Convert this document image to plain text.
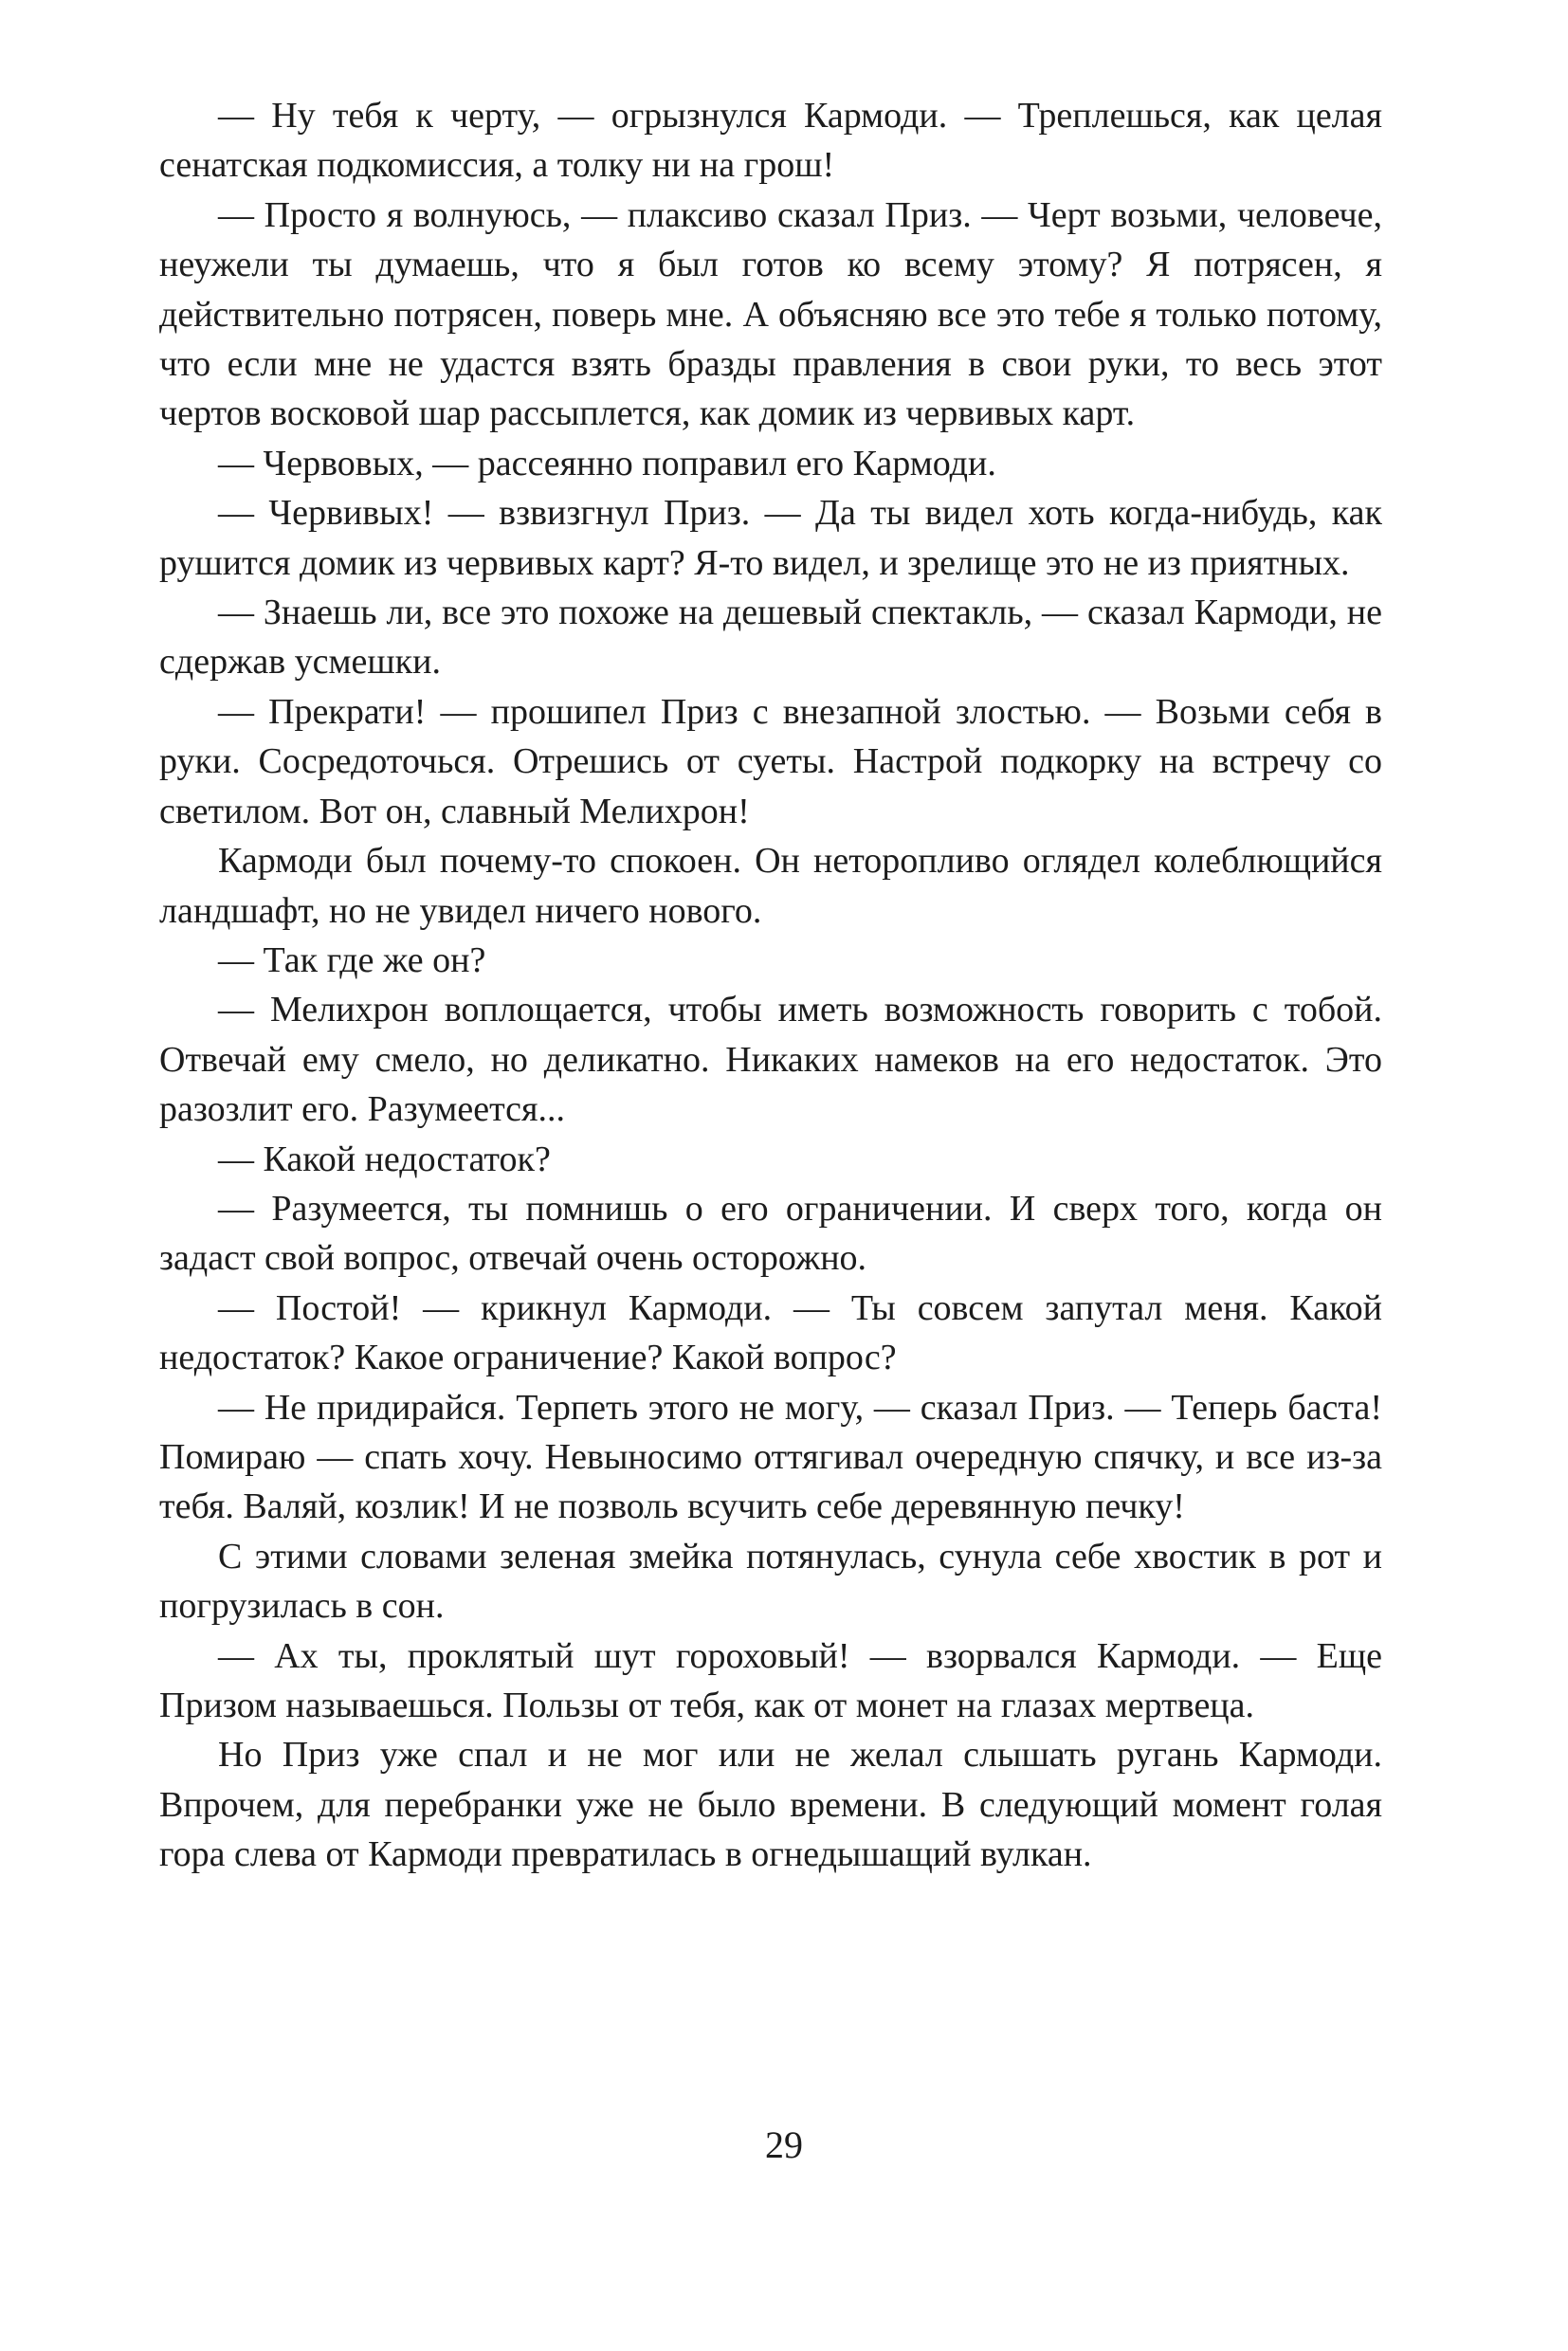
— Ну тебя к черту, — огрызнулся Кармоди. — Треплешься, как целая сенатская подкомиссия, а толку ни на грош!

— Просто я волнуюсь, — плаксиво сказал Приз. — Черт возьми, человече, неужели ты думаешь, что я был готов ко всему этому? Я потрясен, я действительно потрясен, поверь мне. А объясняю все это тебе я только потому, что если мне не удастся взять бразды правления в свои руки, то весь этот чертов восковой шар рассыплется, как домик из червивых карт.

— Червовых, — рассеянно поправил его Кармоди.

— Червивых! — взвизгнул Приз. — Да ты видел хоть когда-нибудь, как рушится домик из червивых карт? Я-то видел, и зрелище это не из приятных.

— Знаешь ли, все это похоже на дешевый спектакль, — сказал Кармоди, не сдержав усмешки.

— Прекрати! — прошипел Приз с внезапной злостью. — Возьми себя в руки. Сосредоточься. Отрешись от суеты. Настрой подкорку на встречу со светилом. Вот он, славный Мелихрон!

Кармоди был почему-то спокоен. Он неторопливо оглядел колеблющийся ландшафт, но не увидел ничего нового.

— Так где же он?

— Мелихрон воплощается, чтобы иметь возможность говорить с тобой. Отвечай ему смело, но деликатно. Никаких намеков на его недостаток. Это разозлит его. Разумеется...

— Какой недостаток?

— Разумеется, ты помнишь о его ограничении. И сверх того, когда он задаст свой вопрос, отвечай очень осторожно.

— Постой! — крикнул Кармоди. — Ты совсем запутал меня. Какой недостаток? Какое ограничение? Какой вопрос?

— Не придирайся. Терпеть этого не могу, — сказал Приз. — Теперь баста! Помираю — спать хочу. Невыносимо оттягивал очередную спячку, и все из-за тебя. Валяй, козлик! И не позволь всучить себе деревянную печку!

С этими словами зеленая змейка потянулась, сунула себе хвостик в рот и погрузилась в сон.

— Ах ты, проклятый шут гороховый! — взорвался Кармоди. — Еще Призом называешься. Пользы от тебя, как от монет на глазах мертвеца.

Но Приз уже спал и не мог или не желал слышать ругань Кармоди. Впрочем, для перебранки уже не было времени. В следующий момент голая гора слева от Кармоди превратилась в огнедышащий вулкан.

29
